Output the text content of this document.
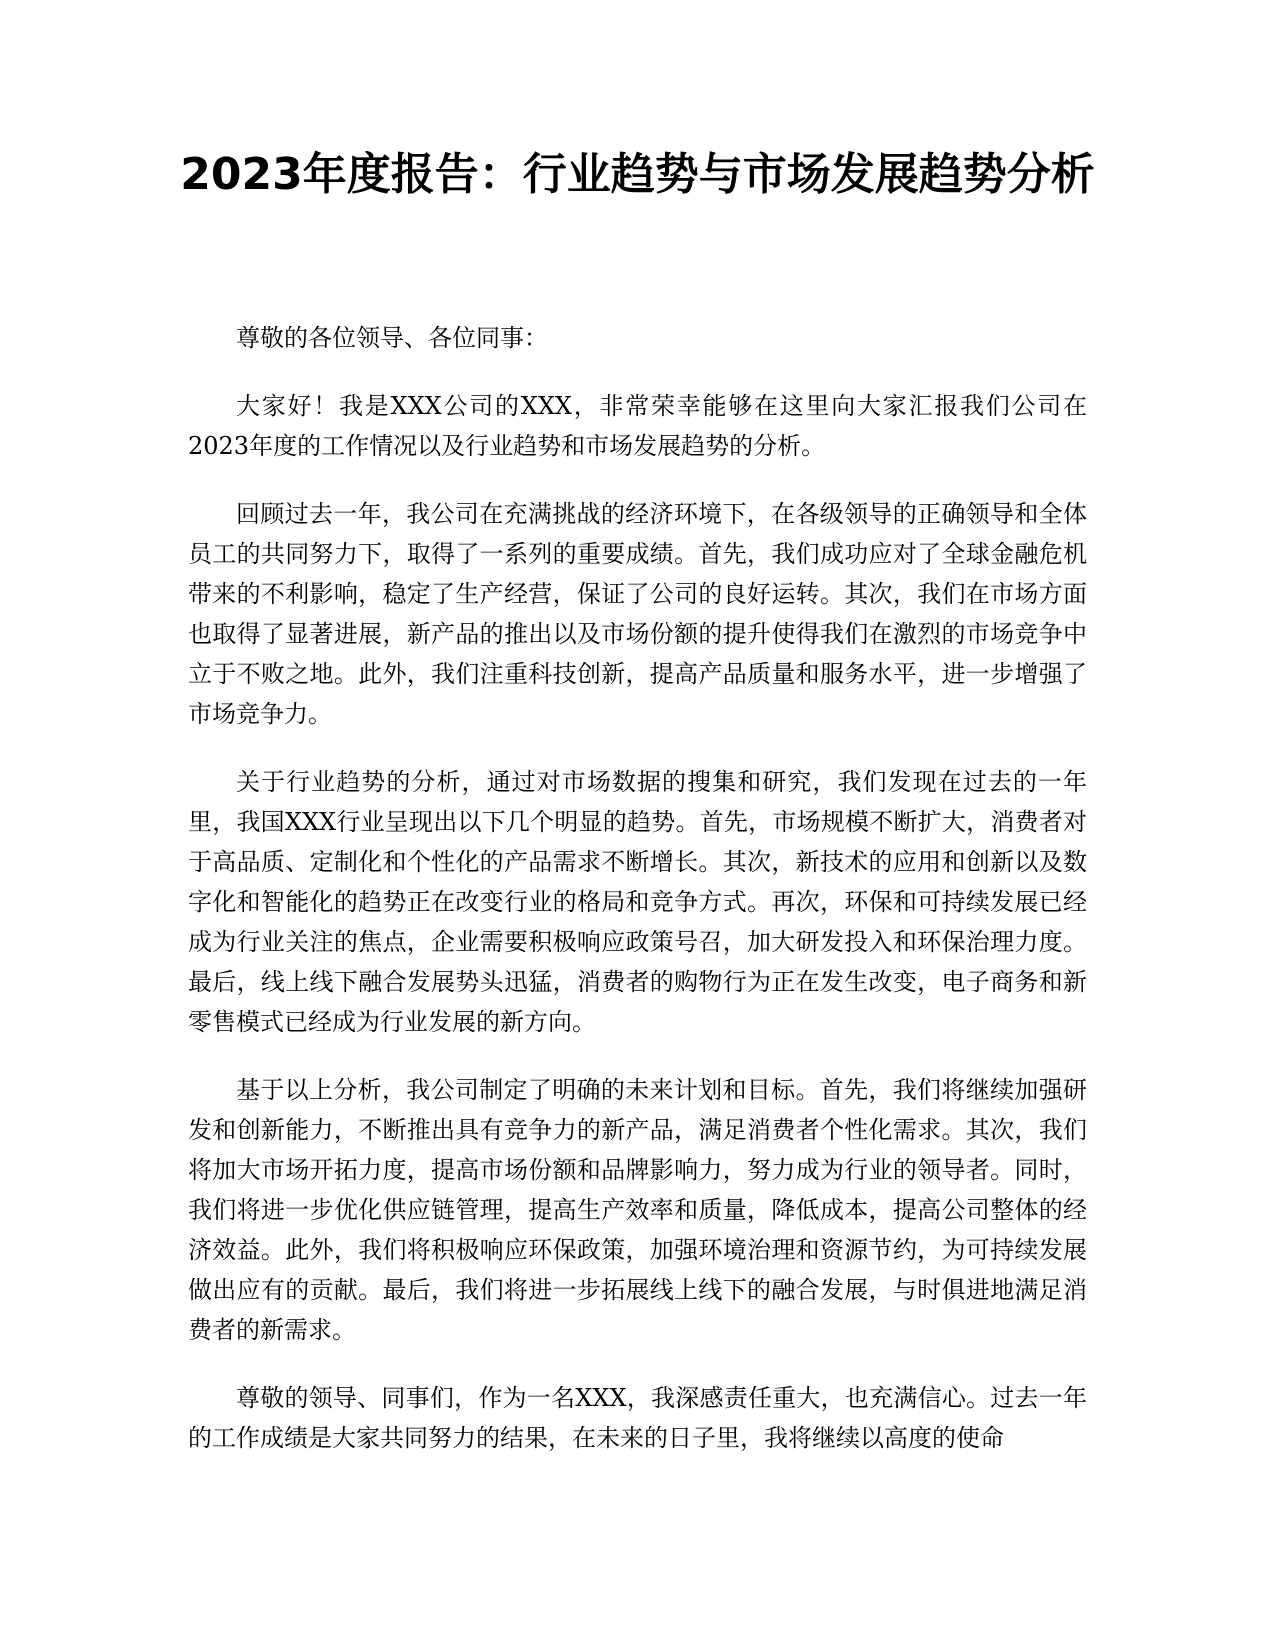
2023年度报告：行业趋势与市场发展趋势分析

尊敬的各位领导、各位同事：

大家好！我是XXX公司的XXX，非常荣幸能够在这里向大家汇报我们公司在2023年度的工作情况以及行业趋势和市场发展趋势的分析。

回顾过去一年，我公司在充满挑战的经济环境下，在各级领导的正确领导和全体员工的共同努力下，取得了一系列的重要成绩。首先，我们成功应对了全球金融危机带来的不利影响，稳定了生产经营，保证了公司的良好运转。其次，我们在市场方面也取得了显著进展，新产品的推出以及市场份额的提升使得我们在激烈的市场竞争中立于不败之地。此外，我们注重科技创新，提高产品质量和服务水平，进一步增强了市场竞争力。

关于行业趋势的分析，通过对市场数据的搜集和研究，我们发现在过去的一年里，我国XXX行业呈现出以下几个明显的趋势。首先，市场规模不断扩大，消费者对于高品质、定制化和个性化的产品需求不断增长。其次，新技术的应用和创新以及数字化和智能化的趋势正在改变行业的格局和竞争方式。再次，环保和可持续发展已经成为行业关注的焦点，企业需要积极响应政策号召，加大研发投入和环保治理力度。最后，线上线下融合发展势头迅猛，消费者的购物行为正在发生改变，电子商务和新零售模式已经成为行业发展的新方向。

基于以上分析，我公司制定了明确的未来计划和目标。首先，我们将继续加强研发和创新能力，不断推出具有竞争力的新产品，满足消费者个性化需求。其次，我们将加大市场开拓力度，提高市场份额和品牌影响力，努力成为行业的领导者。同时，我们将进一步优化供应链管理，提高生产效率和质量，降低成本，提高公司整体的经济效益。此外，我们将积极响应环保政策，加强环境治理和资源节约，为可持续发展做出应有的贡献。最后，我们将进一步拓展线上线下的融合发展，与时俱进地满足消费者的新需求。

尊敬的领导、同事们，作为一名XXX，我深感责任重大，也充满信心。过去一年的工作成绩是大家共同努力的结果，在未来的日子里，我将继续以高度的使命
